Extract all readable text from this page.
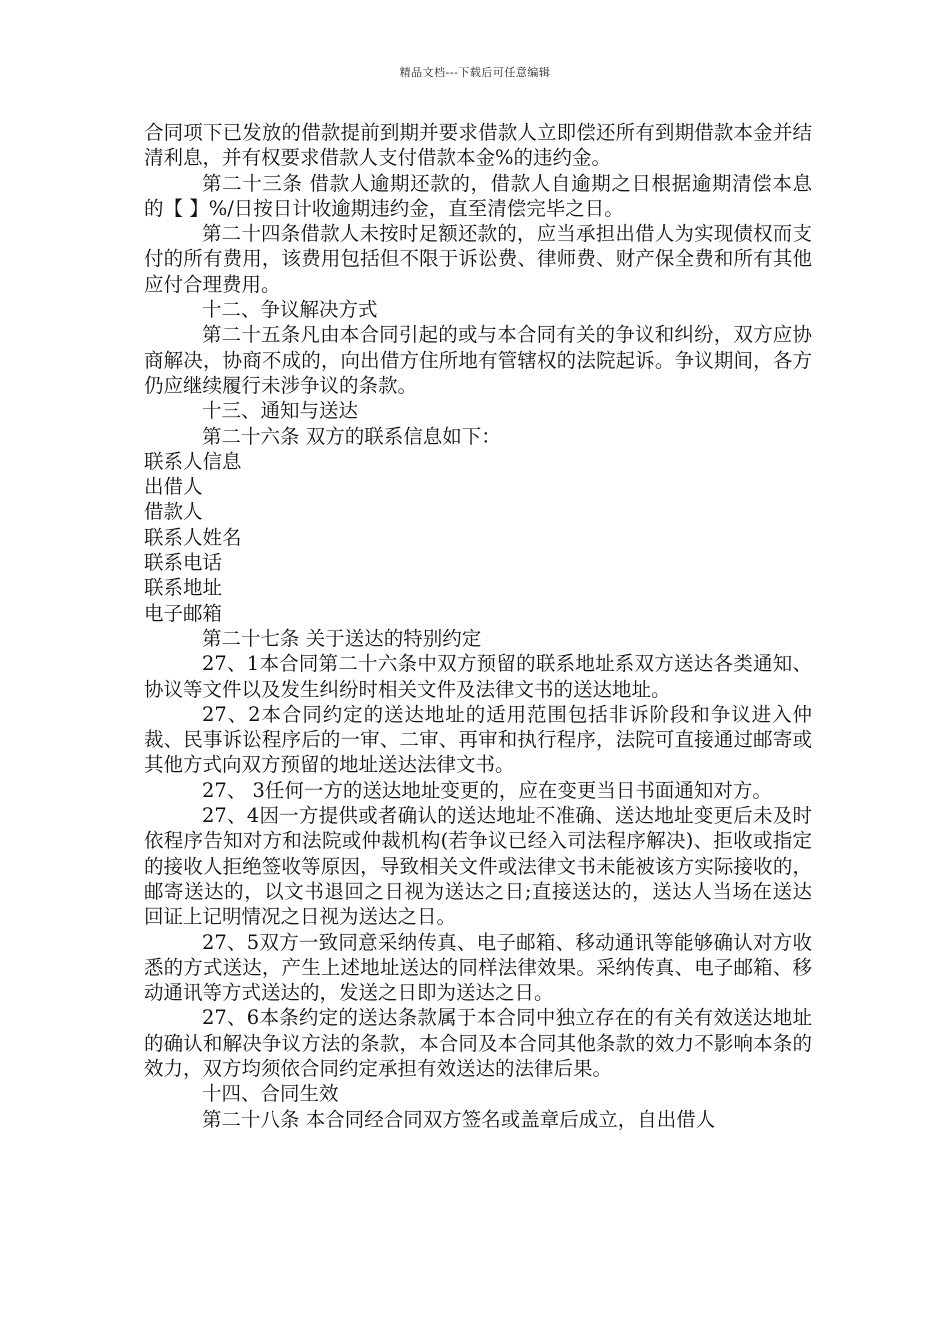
精品文档---下载后可任意编辑

合同项下已发放的借款提前到期并要求借款人立即偿还所有到期借款本金并结清利息，并有权要求借款人支付借款本金%的违约金。

第二十三条 借款人逾期还款的，借款人自逾期之日根据逾期清偿本息的【 】%/日按日计收逾期违约金，直至清偿完毕之日。

第二十四条借款人未按时足额还款的，应当承担出借人为实现债权而支付的所有费用，该费用包括但不限于诉讼费、律师费、财产保全费和所有其他应付合理费用。

十二、争议解决方式

第二十五条凡由本合同引起的或与本合同有关的争议和纠纷，双方应协商解决，协商不成的，向出借方住所地有管辖权的法院起诉。争议期间，各方仍应继续履行未涉争议的条款。

十三、通知与送达

第二十六条 双方的联系信息如下：

联系人信息

出借人

借款人

联系人姓名

联系电话

联系地址

电子邮箱

第二十七条 关于送达的特别约定

27、1本合同第二十六条中双方预留的联系地址系双方送达各类通知、协议等文件以及发生纠纷时相关文件及法律文书的送达地址。

27、2本合同约定的送达地址的适用范围包括非诉阶段和争议进入仲裁、民事诉讼程序后的一审、二审、再审和执行程序，法院可直接通过邮寄或其他方式向双方预留的地址送达法律文书。

27、 3任何一方的送达地址变更的，应在变更当日书面通知对方。

27、4因一方提供或者确认的送达地址不准确、送达地址变更后未及时依程序告知对方和法院或仲裁机构(若争议已经入司法程序解决)、拒收或指定的接收人拒绝签收等原因，导致相关文件或法律文书未能被该方实际接收的，邮寄送达的，以文书退回之日视为送达之日;直接送达的，送达人当场在送达回证上记明情况之日视为送达之日。

27、5双方一致同意采纳传真、电子邮箱、移动通讯等能够确认对方收悉的方式送达，产生上述地址送达的同样法律效果。采纳传真、电子邮箱、移动通讯等方式送达的，发送之日即为送达之日。

27、6本条约定的送达条款属于本合同中独立存在的有关有效送达地址的确认和解决争议方法的条款，本合同及本合同其他条款的效力不影响本条的效力，双方均须依合同约定承担有效送达的法律后果。

十四、合同生效

第二十八条 本合同经合同双方签名或盖章后成立，自出借人
